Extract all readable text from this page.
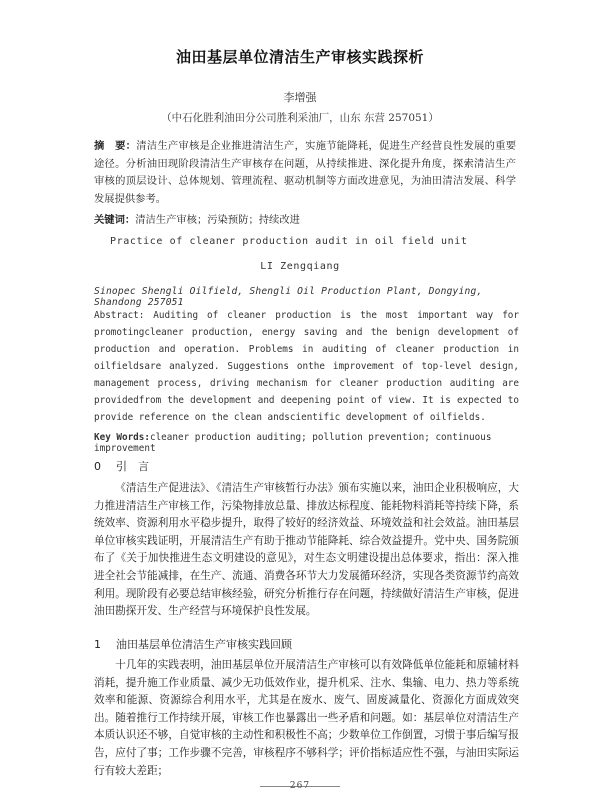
油田基层单位清洁生产审核实践探析
李增强
（中石化胜利油田分公司胜利采油厂，山东 东营 257051）
摘　要：清洁生产审核是企业推进清洁生产，实施节能降耗，促进生产经营良性发展的重要途径。分析油田现阶段清洁生产审核存在问题，从持续推进、深化提升角度，探索清洁生产审核的顶层设计、总体规划、管理流程、驱动机制等方面改进意见，为油田清洁发展、科学发展提供参考。
关键词：清洁生产审核；污染预防；持续改进
Practice of cleaner production audit in oil field unit
LI Zengqiang
Sinopec Shengli Oilfield, Shengli Oil Production Plant, Dongying, Shandong 257051
Abstract: Auditing of cleaner production is the most important way for promotingcleaner production, energy saving and the benign development of production and operation. Problems in auditing of cleaner production in oilfieldsare analyzed. Suggestions onthe improvement of top-level design, management process, driving mechanism for cleaner production auditing are providedfrom the development and deepening point of view. It is expected to provide reference on the clean andscientific development of oilfields.
Key Words:cleaner production auditing; pollution prevention; continuous improvement
0 引　言
《清洁生产促进法》、《清洁生产审核暂行办法》颁布实施以来，油田企业积极响应，大力推进清洁生产审核工作，污染物排放总量、排放达标程度、能耗物料消耗等持续下降，系统效率、资源利用水平稳步提升，取得了较好的经济效益、环境效益和社会效益。油田基层单位审核实践证明，开展清洁生产有助于推动节能降耗、综合效益提升。党中央、国务院颁布了《关于加快推进生态文明建设的意见》，对生态文明建设提出总体要求，指出：深入推进全社会节能减排，在生产、流通、消费各环节大力发展循环经济，实现各类资源节约高效利用。现阶段有必要总结审核经验，研究分析推行存在问题，持续做好清洁生产审核，促进油田勘探开发、生产经营与环境保护良性发展。
1 油田基层单位清洁生产审核实践回顾
十几年的实践表明，油田基层单位开展清洁生产审核可以有效降低单位能耗和原辅材料消耗，提升施工作业质量、减少无功低效作业，提升机采、注水、集输、电力、热力等系统效率和能源、资源综合利用水平，尤其是在废水、废气、固废减量化、资源化方面成效突出。随着推行工作持续开展，审核工作也暴露出一些矛盾和问题。如：基层单位对清洁生产本质认识还不够，自觉审核的主动性和积极性不高；少数单位工作倒置，习惯于事后编写报告，应付了事；工作步骤不完善，审核程序不够科学；评价指标适应性不强，与油田实际运行有较大差距；
267
